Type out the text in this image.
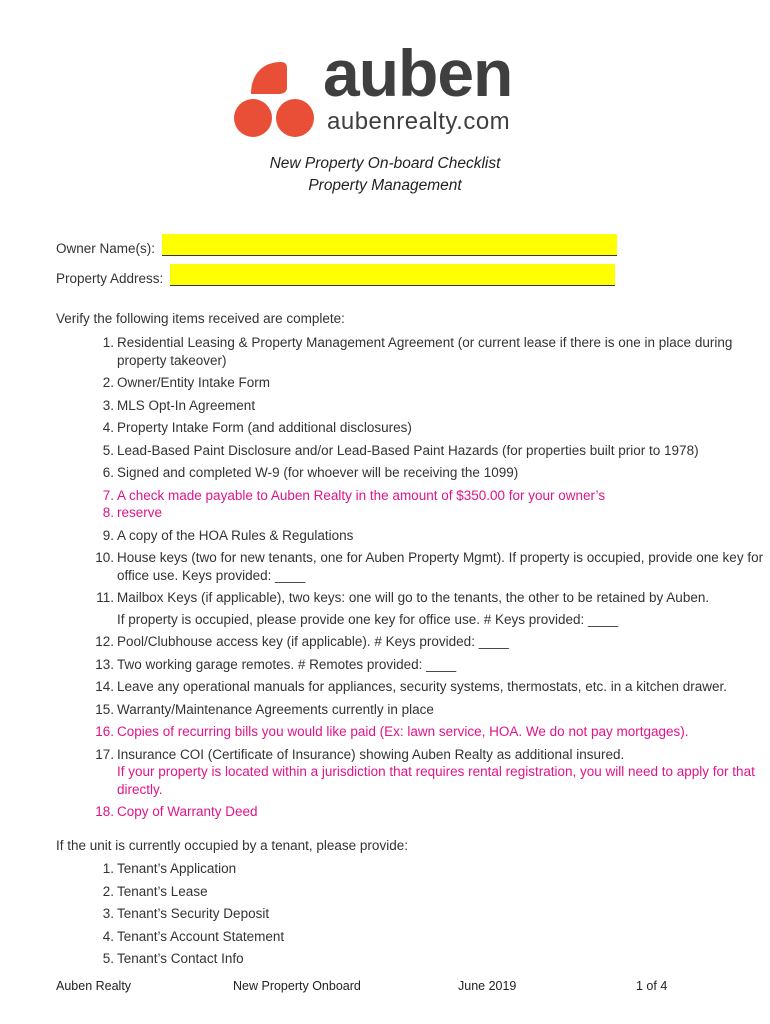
auben
aubenrealty.com
New Property On-board Checklist
Property Management
Owner Name(s):
Property Address:
Verify the following items received are complete:
1 . Residential Leasing & Property Management Agreement (or current lease if there is one in place during property takeover)
2 . Owner/Entity Intake Form
3 . MLS Opt-In Agreement
4 . Property Intake Form (and additional disclosures)
5 . Lead-Based Paint Disclosure and/or Lead-Based Paint Hazards (for properties built prior to 1978)
6 . Signed and completed W-9 (for whoever will be receiving the 1099)
7 . A check made payable to Auben Realty in the amount of $350.00 for your owner’s
8 . reserve
9 . A copy of the HOA Rules & Regulations
10 . House keys (two for new tenants, one for Auben Property Mgmt). If property is occupied, provide one key for office use. Keys provided: ____
11 . Mailbox Keys (if applicable), two keys: one will go to the tenants, the other to be retained by Auben.
If property is occupied, please provide one key for office use. # Keys provided: ____
12 . Pool/Clubhouse access key (if applicable). # Keys provided: ____
13 . Two working garage remotes. # Remotes provided: ____
14 . Leave any operational manuals for appliances, security systems, thermostats, etc. in a kitchen drawer.
15 . Warranty/Maintenance Agreements currently in place
16 . Copies of recurring bills you would like paid (Ex: lawn service, HOA. We do not pay mortgages).
17 . Insurance COI (Certificate of Insurance) showing Auben Realty as additional insured.
If your property is located within a jurisdiction that requires rental registration, you will need to apply for that directly.
18 . Copy of Warranty Deed
If the unit is currently occupied by a tenant, please provide:
1 . Tenant’s Application
2 . Tenant’s Lease
3 . Tenant’s Security Deposit
4 . Tenant’s Account Statement
5 . Tenant’s Contact Info
Auben Realty	New Property Onboard	June 2019	1 of 4
